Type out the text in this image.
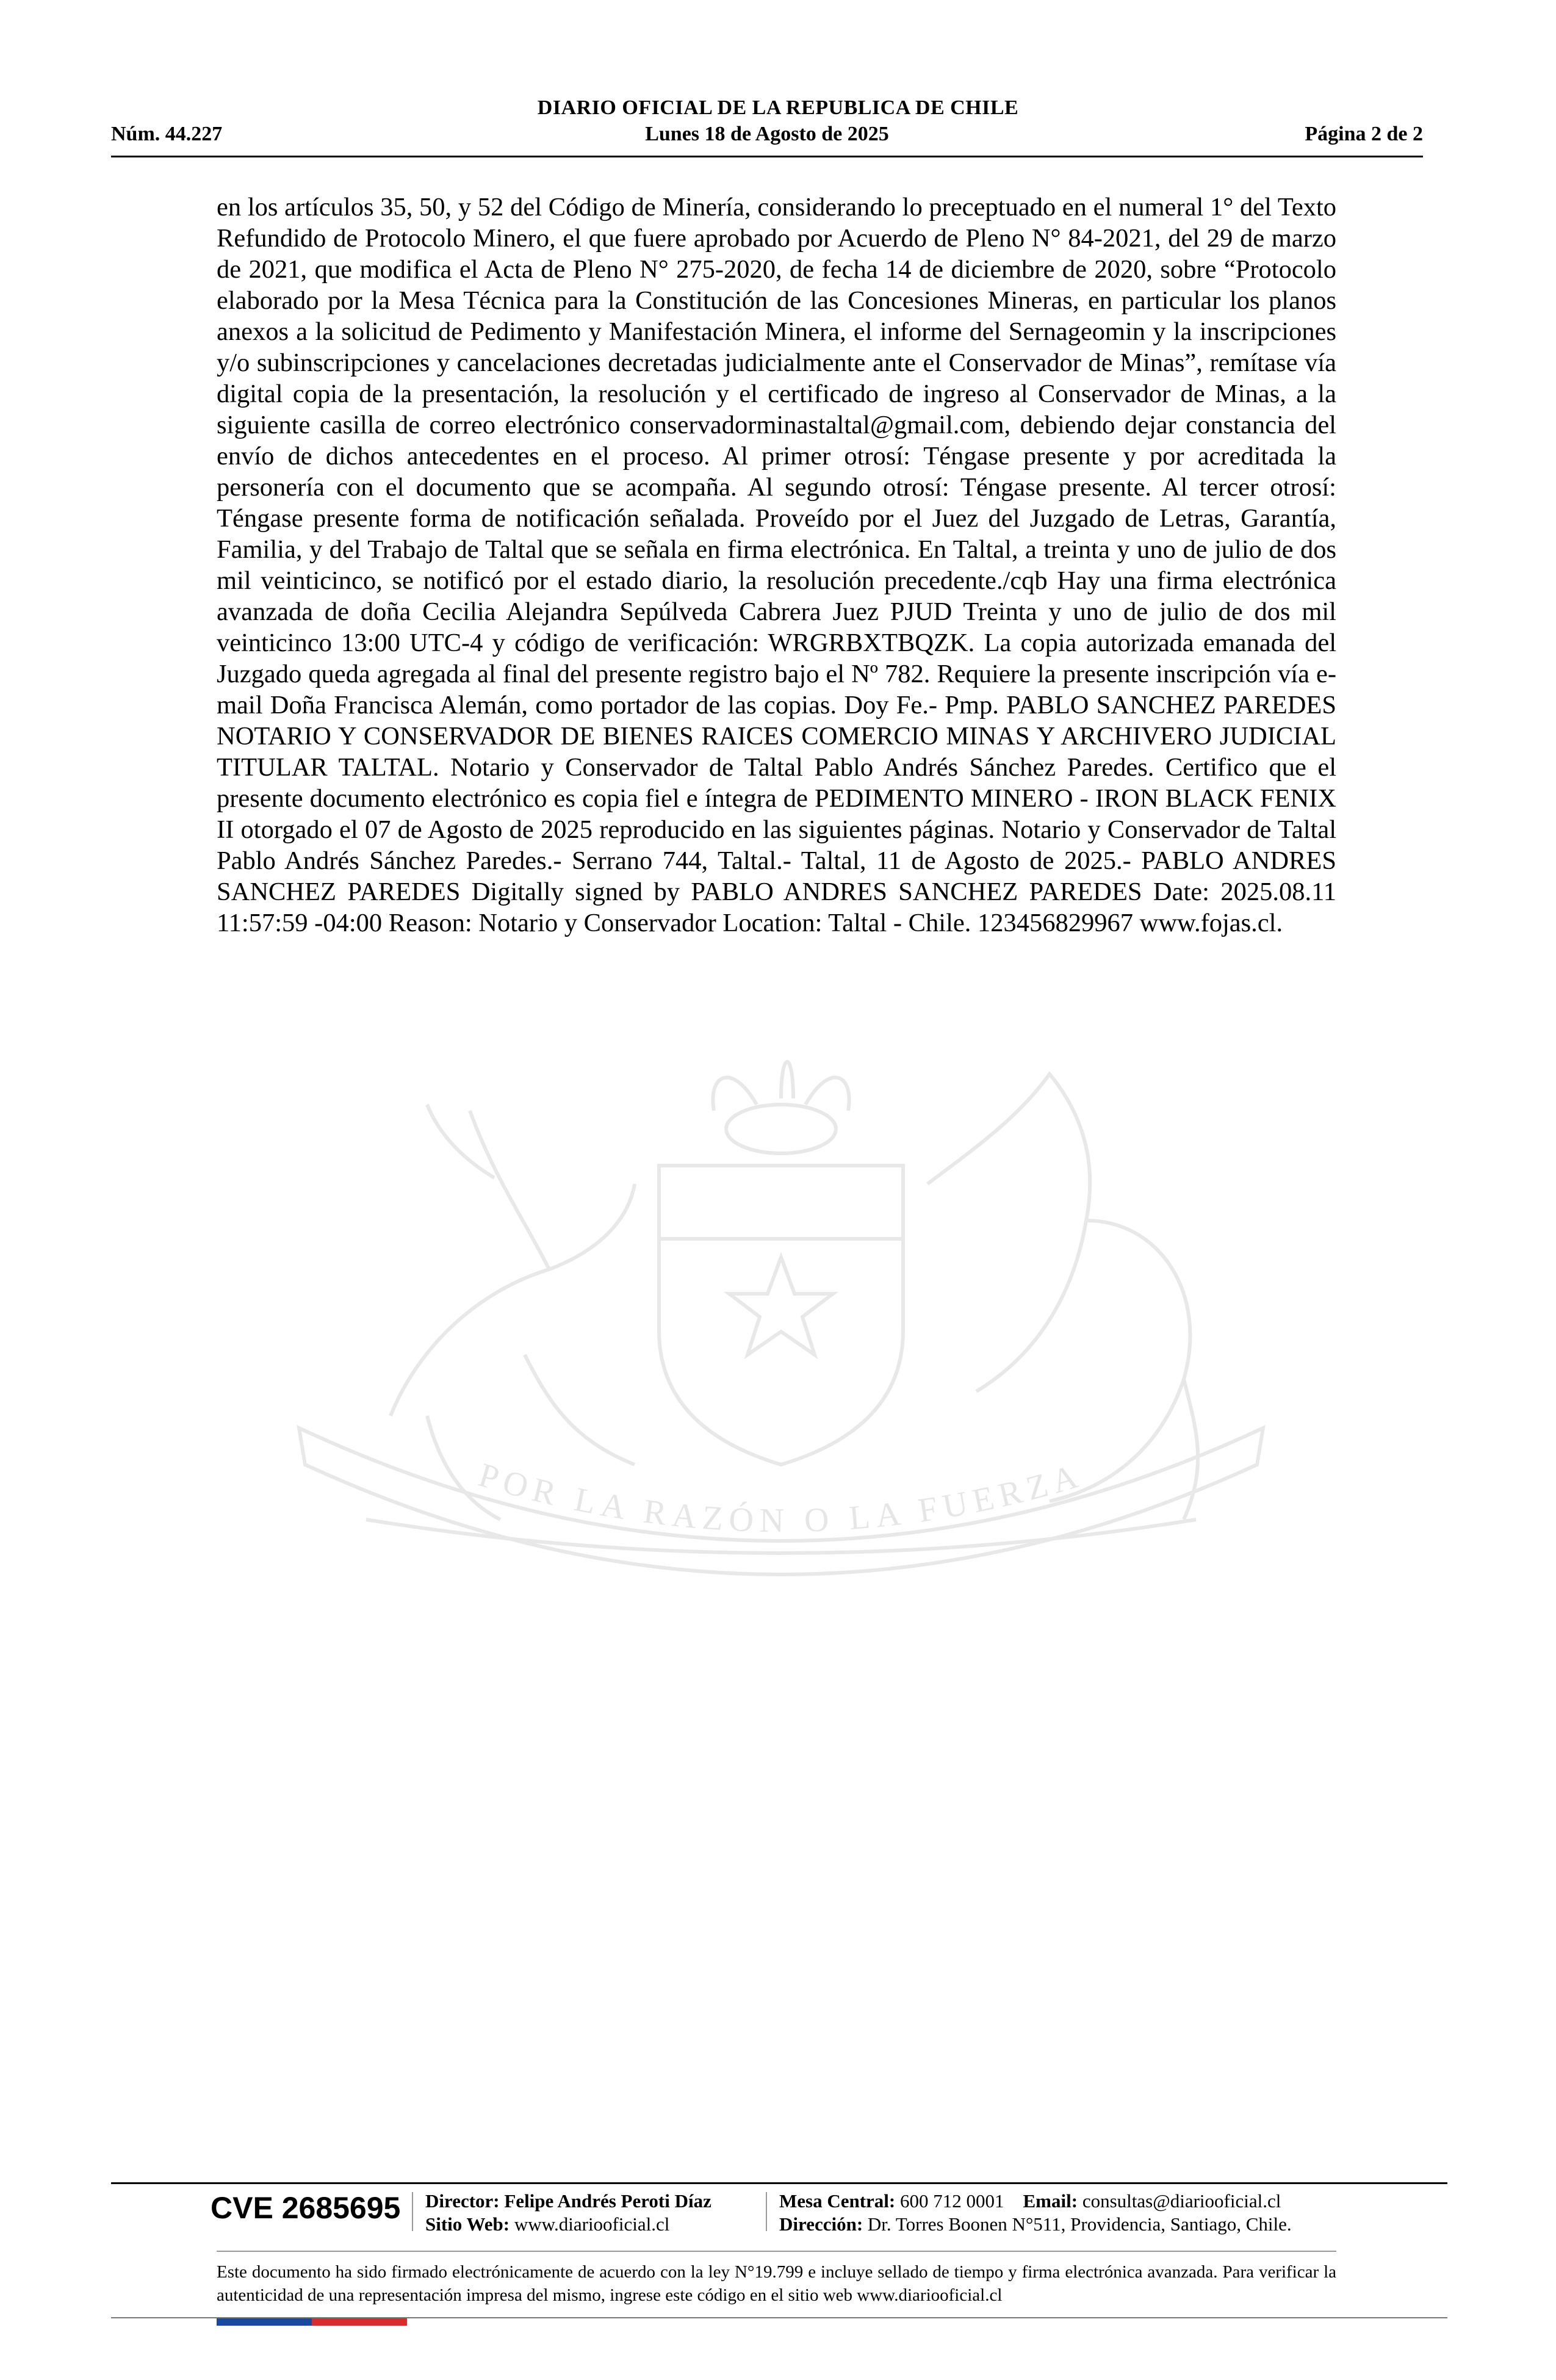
DIARIO OFICIAL DE LA REPUBLICA DE CHILE
Núm. 44.227	Lunes 18 de Agosto de 2025	Página 2 de 2
POR LA RAZÓN O LA FUERZA
en los artículos 35, 50, y 52 del Código de Minería, considerando lo preceptuado en el numeral 1° del Texto Refundido de Protocolo Minero, el que fuere aprobado por Acuerdo de Pleno N° 84-2021, del 29 de marzo de 2021, que modifica el Acta de Pleno N° 275-2020, de fecha 14 de diciembre de 2020, sobre “Protocolo elaborado por la Mesa Técnica para la Constitución de las Concesiones Mineras, en particular los planos anexos a la solicitud de Pedimento y Manifestación Minera, el informe del Sernageomin y la inscripciones y/o subinscripciones y cancelaciones decretadas judicialmente ante el Conservador de Minas”, remítase vía digital copia de la presentación, la resolución y el certificado de ingreso al Conservador de Minas, a la siguiente casilla de correo electrónico conservadorminastaltal@gmail.com, debiendo dejar constancia del envío de dichos antecedentes en el proceso. Al primer otrosí: Téngase presente y por acreditada la personería con el documento que se acompaña. Al segundo otrosí: Téngase presente. Al tercer otrosí: Téngase presente forma de notificación señalada. Proveído por el Juez del Juzgado de Letras, Garantía, Familia, y del Trabajo de Taltal que se señala en firma electrónica. En Taltal, a treinta y uno de julio de dos mil veinticinco, se notificó por el estado diario, la resolución precedente./cqb Hay una firma electrónica avanzada de doña Cecilia Alejandra Sepúlveda Cabrera Juez PJUD Treinta y uno de julio de dos mil veinticinco 13:00 UTC-4 y código de verificación: WRGRBXTBQZK. La copia autorizada emanada del Juzgado queda agregada al final del presente registro bajo el Nº 782. Requiere la presente inscripción vía e-mail Doña Francisca Alemán, como portador de las copias. Doy Fe.- Pmp. PABLO SANCHEZ PAREDES NOTARIO Y CONSERVADOR DE BIENES RAICES COMERCIO MINAS Y ARCHIVERO JUDICIAL TITULAR TALTAL. Notario y Conservador de Taltal Pablo Andrés Sánchez Paredes. Certifico que el presente documento electrónico es copia fiel e íntegra de PEDIMENTO MINERO - IRON BLACK FENIX II otorgado el 07 de Agosto de 2025 reproducido en las siguientes páginas. Notario y Conservador de Taltal Pablo Andrés Sánchez Paredes.- Serrano 744, Taltal.- Taltal, 11 de Agosto de 2025.- PABLO ANDRES SANCHEZ PAREDES Digitally signed by PABLO ANDRES SANCHEZ PAREDES Date: 2025.08.11 11:57:59 -04:00 Reason: Notario y Conservador Location: Taltal - Chile. 123456829967 www.fojas.cl.
CVE 2685695 Director: Felipe Andrés Peroti Díaz
Sitio Web: www.diariooficial.cl
Mesa Central: 600 712 0001 Email: consultas@diariooficial.cl
Dirección: Dr. Torres Boonen N°511, Providencia, Santiago, Chile.
Este documento ha sido firmado electrónicamente de acuerdo con la ley N°19.799 e incluye sellado de tiempo y firma electrónica avanzada. Para verificar la autenticidad de una representación impresa del mismo, ingrese este código en el sitio web www.diariooficial.cl
